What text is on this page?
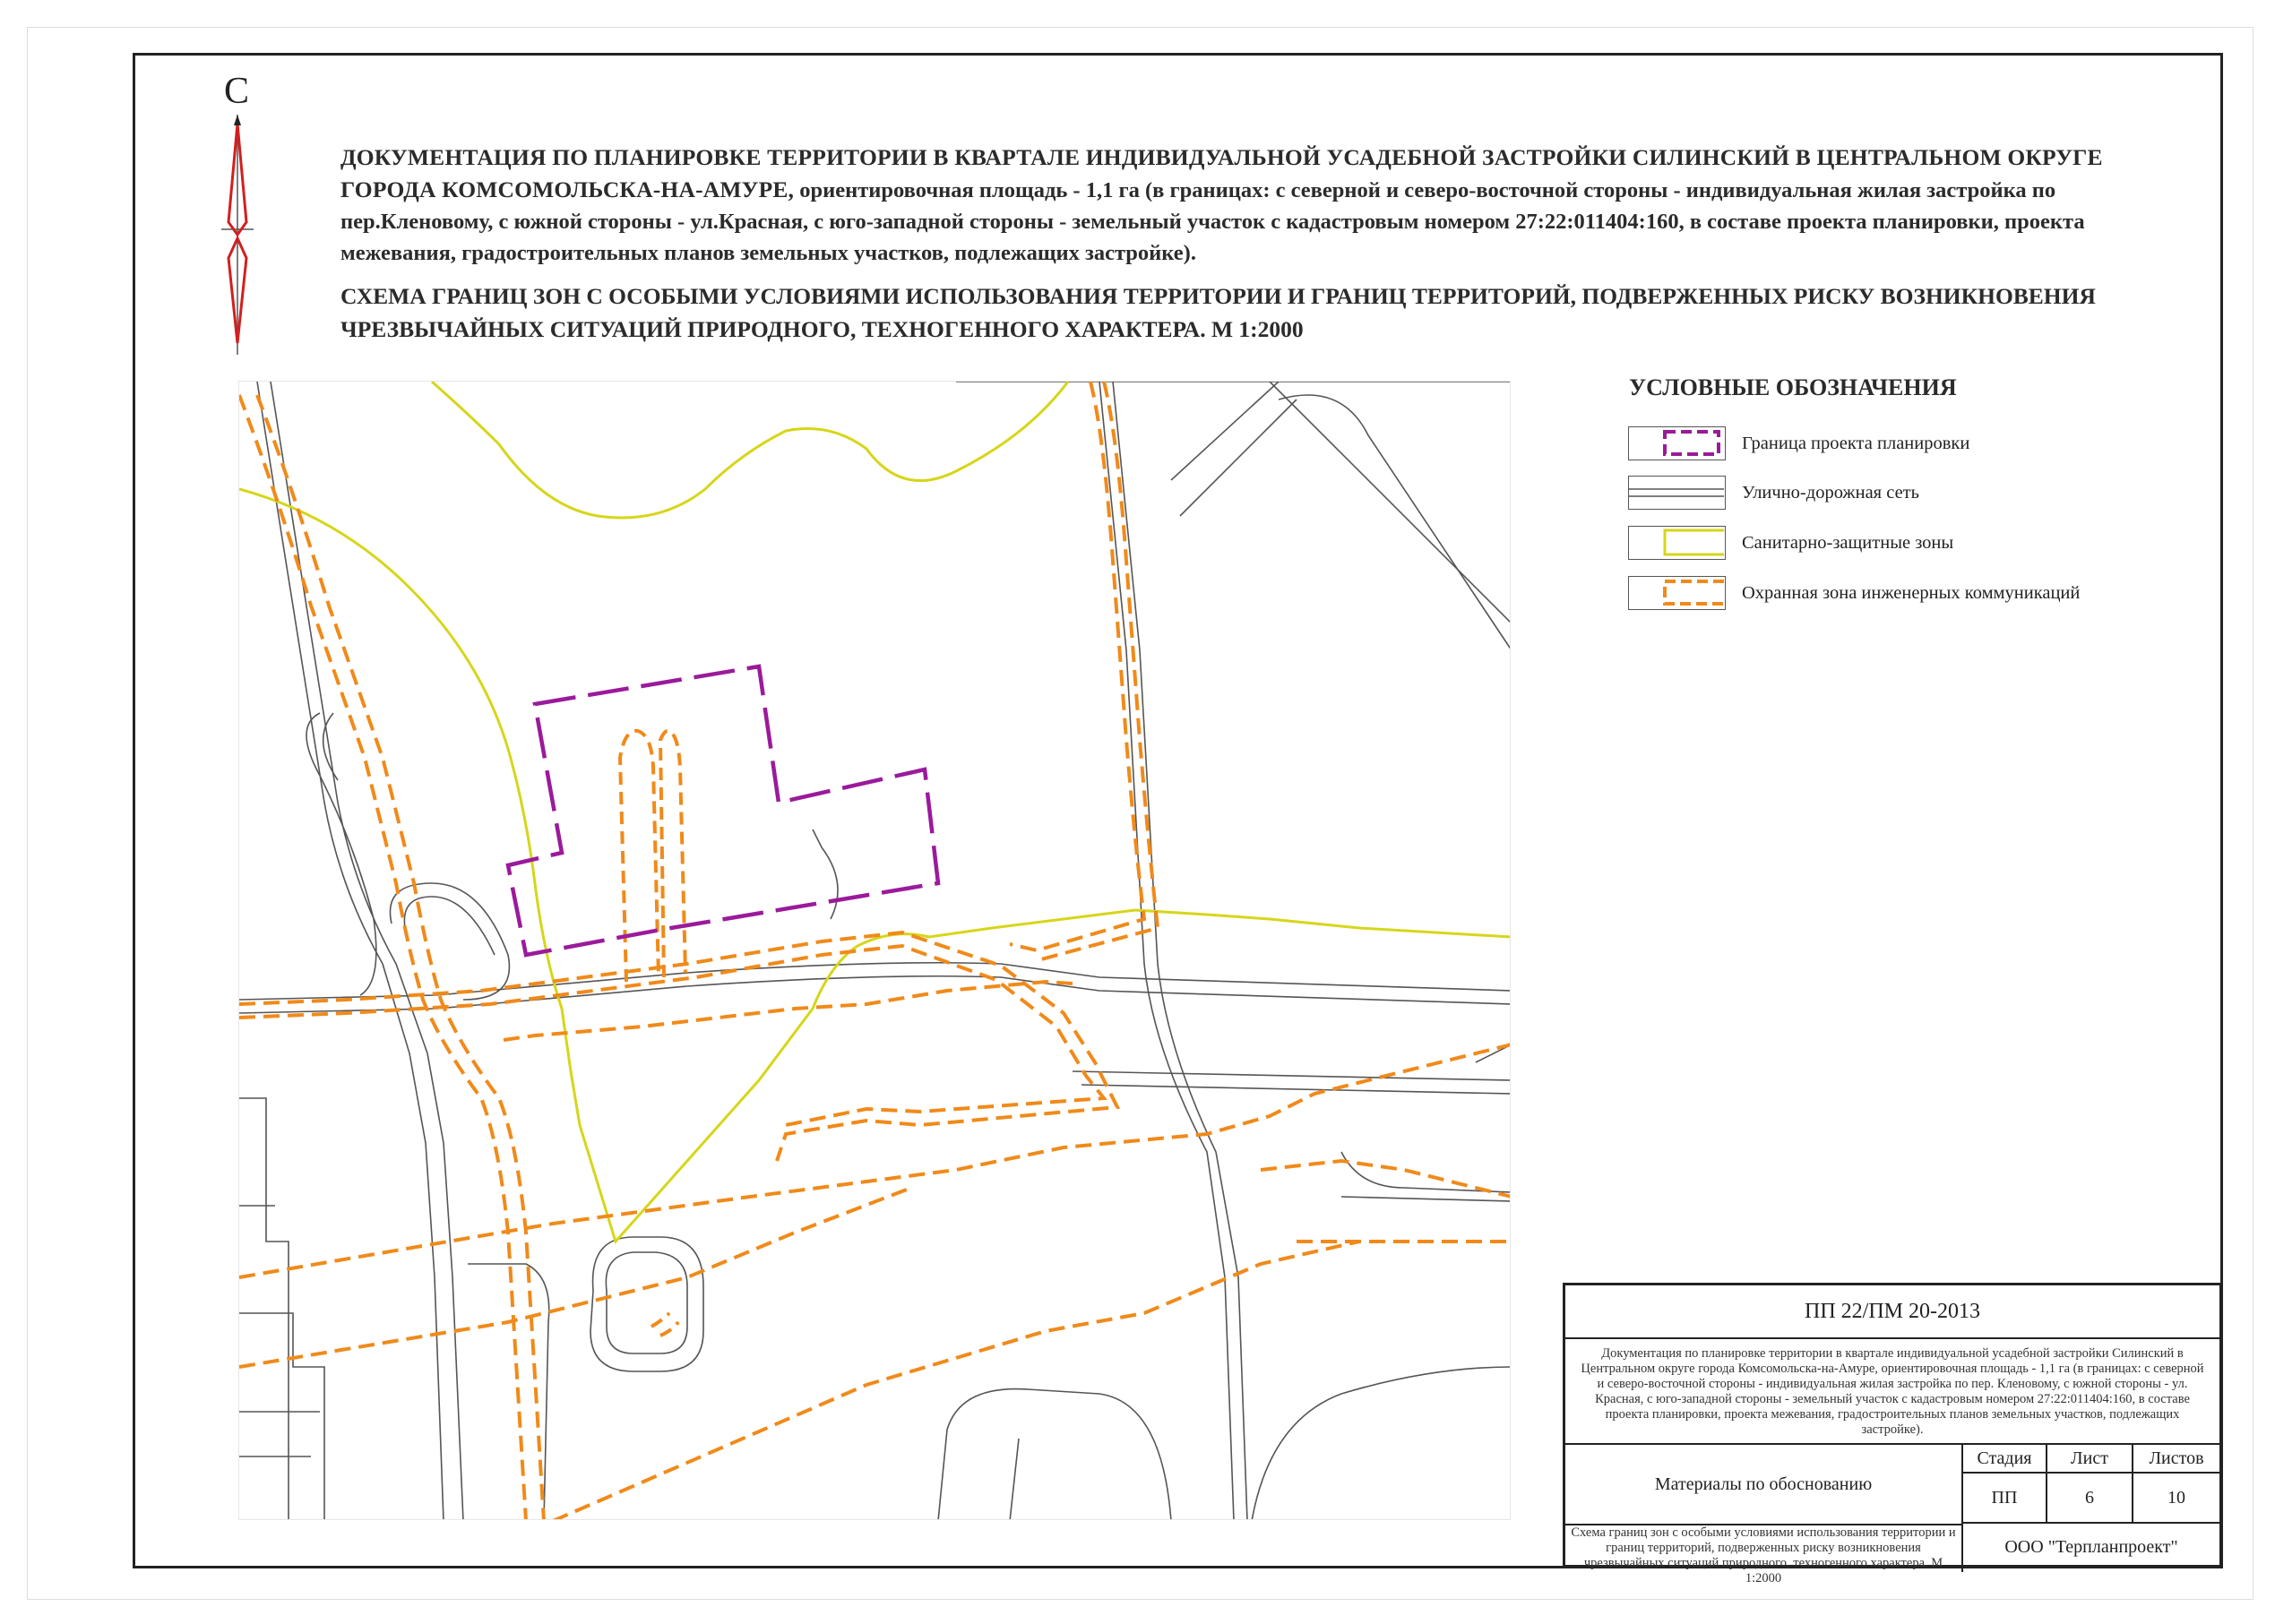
С
ДОКУМЕНТАЦИЯ ПО ПЛАНИРОВКЕ ТЕРРИТОРИИ В КВАРТАЛЕ ИНДИВИДУАЛЬНОЙ УСАДЕБНОЙ ЗАСТРОЙКИ СИЛИНСКИЙ В ЦЕНТРАЛЬНОМ ОКРУГЕ ГОРОДА КОМСОМОЛЬСКА-НА-АМУРЕ, ориентировочная площадь - 1,1 га (в границах: с северной и северо-восточной стороны - индивидуальная жилая застройка по пер.Кленовому, с южной стороны - ул.Красная, с юго-западной стороны - земельный участок с кадастровым номером 27:22:011404:160, в составе проекта планировки, проекта межевания, градостроительных планов земельных участков, подлежащих застройке).
СХЕМА ГРАНИЦ ЗОН С ОСОБЫМИ УСЛОВИЯМИ ИСПОЛЬЗОВАНИЯ ТЕРРИТОРИИ И ГРАНИЦ ТЕРРИТОРИЙ, ПОДВЕРЖЕННЫХ РИСКУ ВОЗНИКНОВЕНИЯ ЧРЕЗВЫЧАЙНЫХ СИТУАЦИЙ ПРИРОДНОГО, ТЕХНОГЕННОГО ХАРАКТЕРА. М 1:2000
УСЛОВНЫЕ ОБОЗНАЧЕНИЯ
Граница проекта планировки
Улично-дорожная сеть
Санитарно-защитные зоны
Охранная зона инженерных коммуникаций
ПП 22/ПМ 20-2013
Документация по планировке территории в квартале индивидуальной усадебной застройки Силинский в Центральном округе города Комсомольска-на-Амуре, ориентировочная площадь - 1,1 га (в границах: с северной и северо-восточной стороны - индивидуальная жилая застройка по пер. Кленовому, с южной стороны - ул. Красная, с юго-западной стороны - земельный участок с кадастровым номером 27:22:011404:160, в составе проекта планировки, проекта межевания, градостроительных планов земельных участков, подлежащих застройке).
Материалы по обоснованию
Стадия	Лист	Листов
ПП	6	10
Схема границ зон с особыми условиями использования территории и границ территорий, подверженных риску возникновения чрезвычайных ситуаций природного, техногенного характера. М 1:2000
ООО "Терпланпроект"
